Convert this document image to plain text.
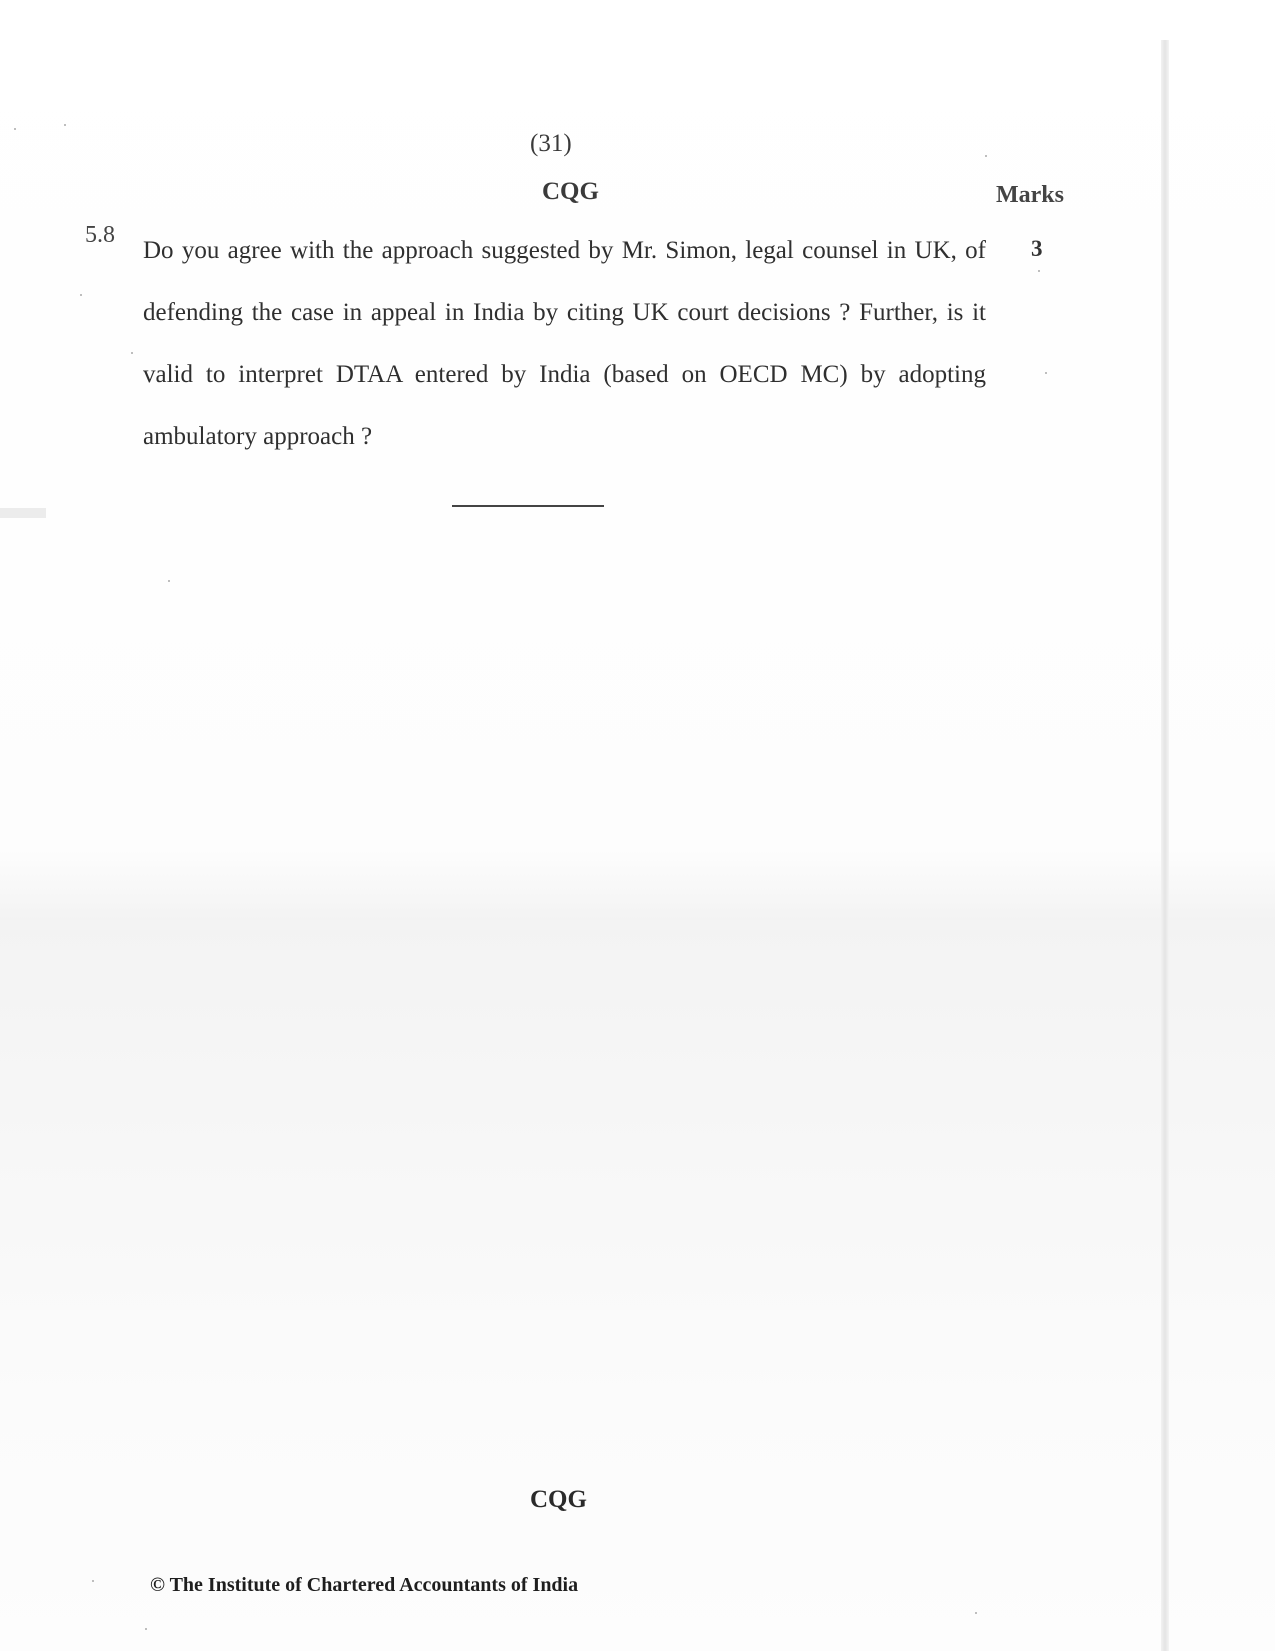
(31)
CQG	Marks
5.8
Do you agree with the approach suggested by Mr. Simon, legal counsel in UK, of defending the case in appeal in India by citing UK court decisions ? Further, is it valid to interpret DTAA entered by India (based on OECD MC) by adopting ambulatory approach ?
3
CQG
© The Institute of Chartered Accountants of India
